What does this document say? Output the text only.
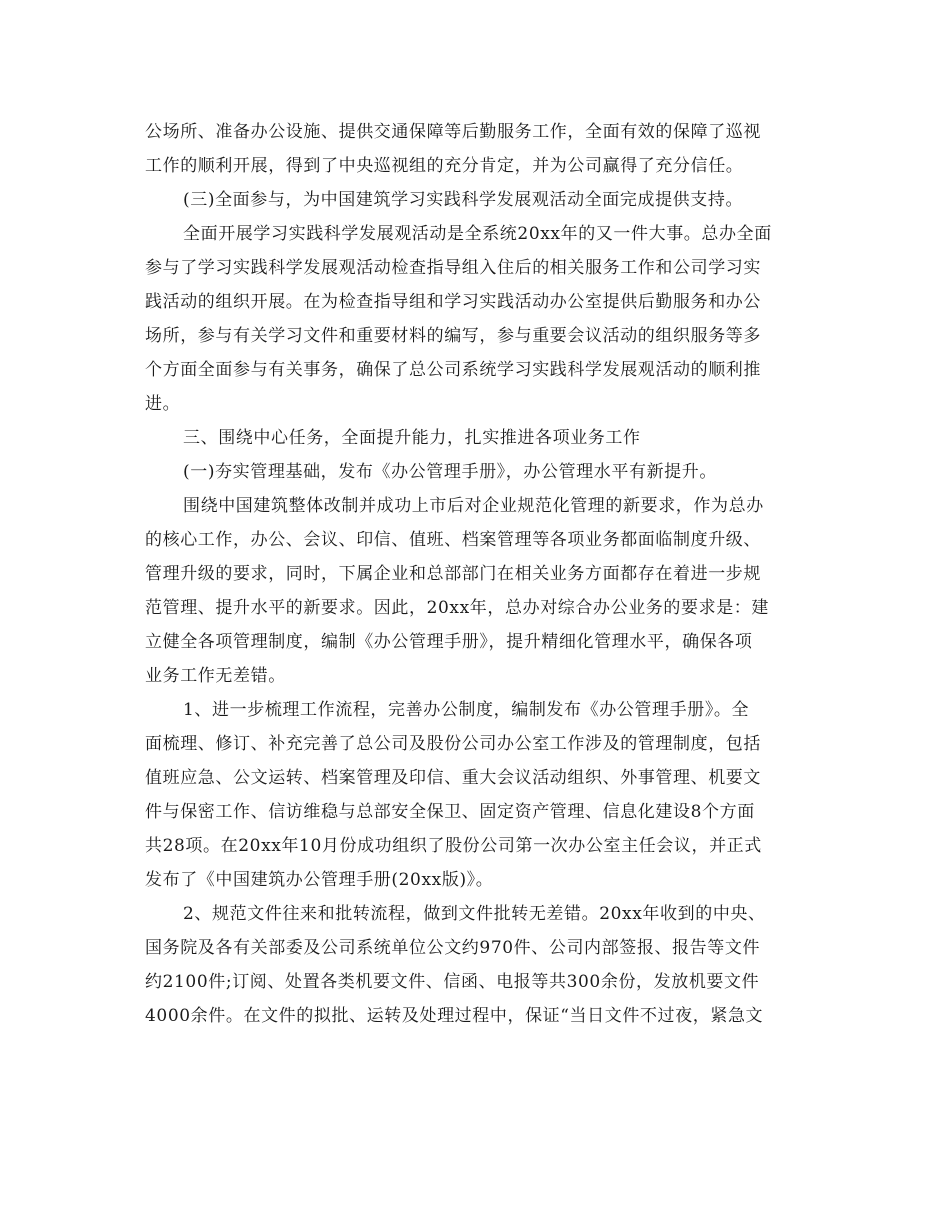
公场所、准备办公设施、提供交通保障等后勤服务工作，全面有效的保障了巡视
工作的顺利开展，得到了中央巡视组的充分肯定，并为公司赢得了充分信任。
(三)全面参与，为中国建筑学习实践科学发展观活动全面完成提供支持。
全面开展学习实践科学发展观活动是全系统20xx年的又一件大事。总办全面
参与了学习实践科学发展观活动检查指导组入住后的相关服务工作和公司学习实
践活动的组织开展。在为检查指导组和学习实践活动办公室提供后勤服务和办公
场所，参与有关学习文件和重要材料的编写，参与重要会议活动的组织服务等多
个方面全面参与有关事务，确保了总公司系统学习实践科学发展观活动的顺利推
进。
三、围绕中心任务，全面提升能力，扎实推进各项业务工作
(一)夯实管理基础，发布《办公管理手册》，办公管理水平有新提升。
围绕中国建筑整体改制并成功上市后对企业规范化管理的新要求，作为总办
的核心工作，办公、会议、印信、值班、档案管理等各项业务都面临制度升级、
管理升级的要求，同时，下属企业和总部部门在相关业务方面都存在着进一步规
范管理、提升水平的新要求。因此，20xx年，总办对综合办公业务的要求是：建
立健全各项管理制度，编制《办公管理手册》，提升精细化管理水平，确保各项
业务工作无差错。
1、进一步梳理工作流程，完善办公制度，编制发布《办公管理手册》。全
面梳理、修订、补充完善了总公司及股份公司办公室工作涉及的管理制度，包括
值班应急、公文运转、档案管理及印信、重大会议活动组织、外事管理、机要文
件与保密工作、信访维稳与总部安全保卫、固定资产管理、信息化建设8个方面
共28项。在20xx年10月份成功组织了股份公司第一次办公室主任会议，并正式
发布了《中国建筑办公管理手册(20xx版)》。
2、规范文件往来和批转流程，做到文件批转无差错。20xx年收到的中央、
国务院及各有关部委及公司系统单位公文约970件、公司内部签报、报告等文件
约2100件;订阅、处置各类机要文件、信函、电报等共300余份，发放机要文件
4000余件。在文件的拟批、运转及处理过程中，保证“当日文件不过夜，紧急文
